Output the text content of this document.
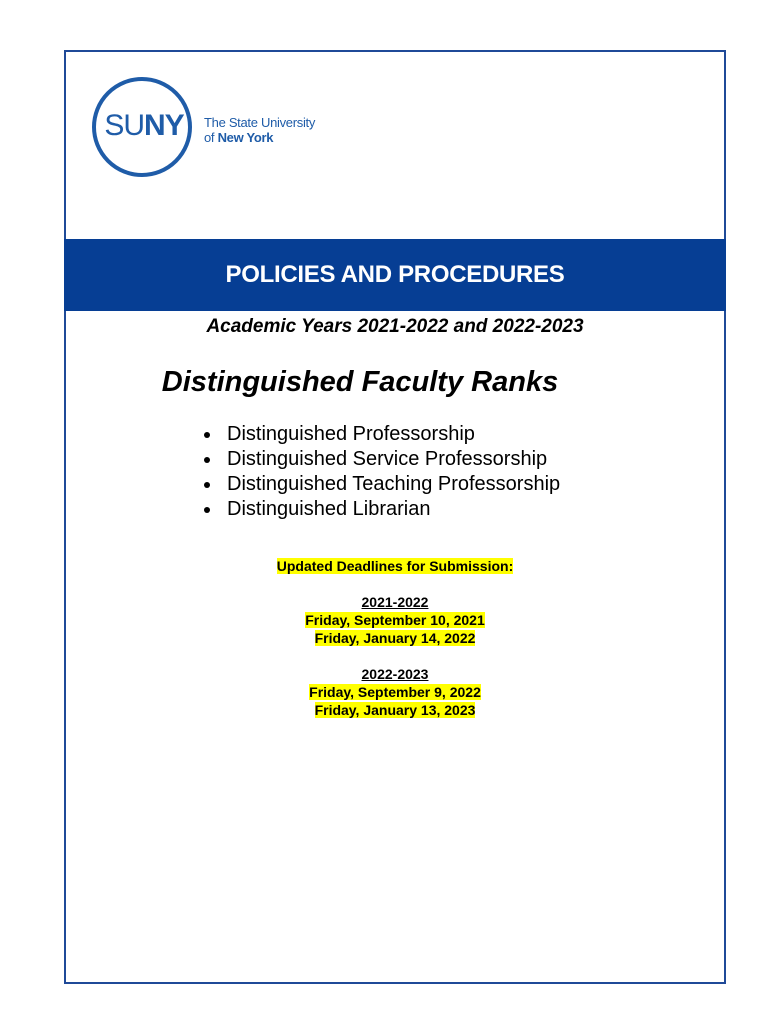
SUNY	The State University
of New York
POLICIES AND PROCEDURES
Academic Years 2021-2022 and 2022-2023
Distinguished Faculty Ranks
Distinguished Professorship
Distinguished Service Professorship
Distinguished Teaching Professorship
Distinguished Librarian
Updated Deadlines for Submission:
2021-2022
Friday, September 10, 2021
Friday, January 14, 2022
2022-2023
Friday, September 9, 2022
Friday, January 13, 2023
